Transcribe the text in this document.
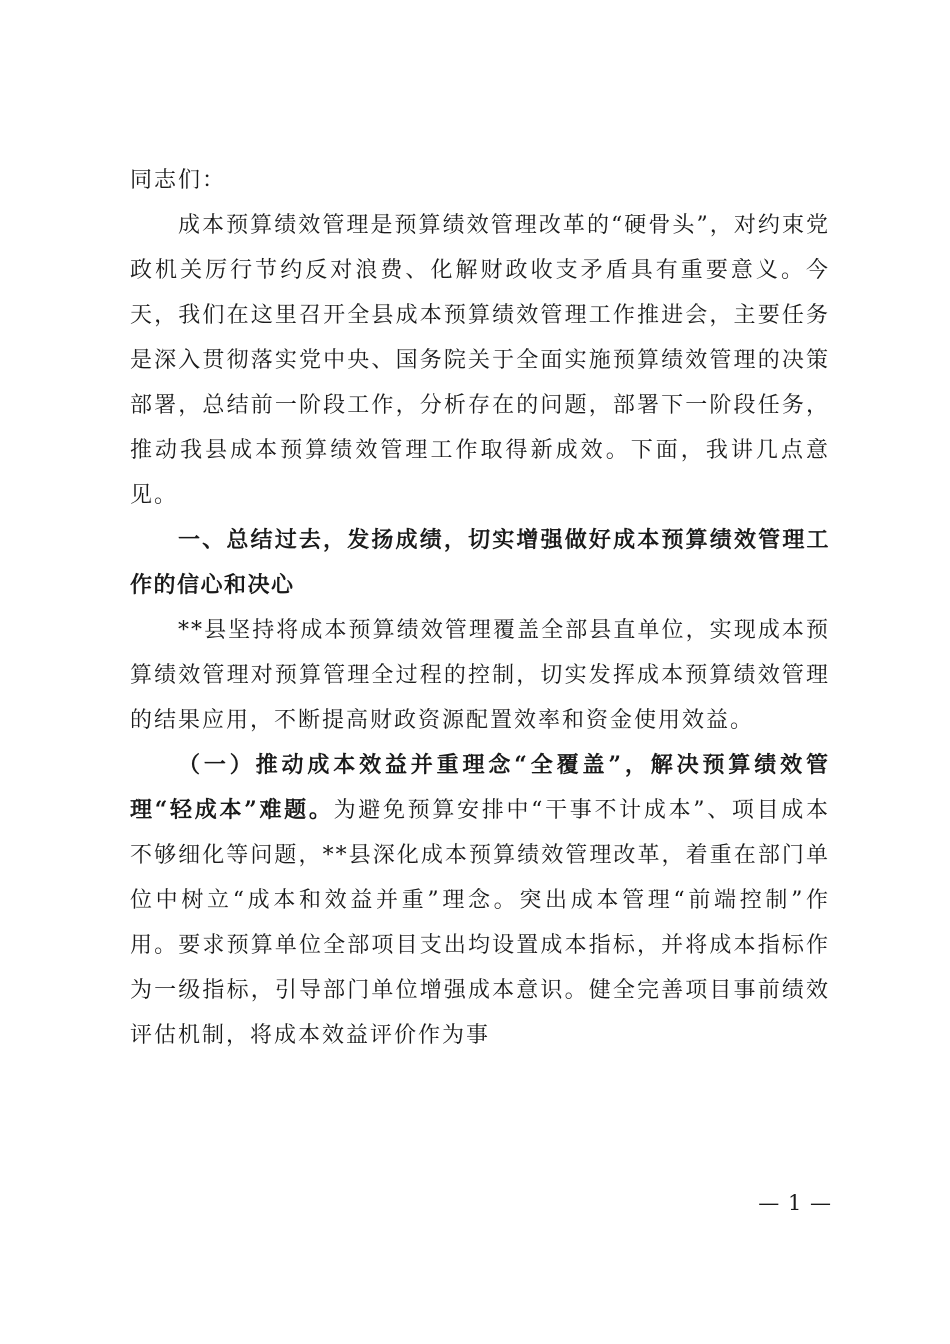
同志们：

成本预算绩效管理是预算绩效管理改革的“硬骨头”，对约束党政机关厉行节约反对浪费、化解财政收支矛盾具有重要意义。今天，我们在这里召开全县成本预算绩效管理工作推进会，主要任务是深入贯彻落实党中央、国务院关于全面实施预算绩效管理的决策部署，总结前一阶段工作，分析存在的问题，部署下一阶段任务，推动我县成本预算绩效管理工作取得新成效。下面，我讲几点意见。

一、总结过去，发扬成绩，切实增强做好成本预算绩效管理工作的信心和决心

**县坚持将成本预算绩效管理覆盖全部县直单位，实现成本预算绩效管理对预算管理全过程的控制，切实发挥成本预算绩效管理的结果应用，不断提高财政资源配置效率和资金使用效益。

（一）推动成本效益并重理念“全覆盖”，解决预算绩效管理“轻成本”难题。为避免预算安排中“干事不计成本”、项目成本不够细化等问题，**县深化成本预算绩效管理改革，着重在部门单位中树立“成本和效益并重”理念。突出成本管理“前端控制”作用。要求预算单位全部项目支出均设置成本指标，并将成本指标作为一级指标，引导部门单位增强成本意识。健全完善项目事前绩效评估机制，将成本效益评价作为事

— 1 —
